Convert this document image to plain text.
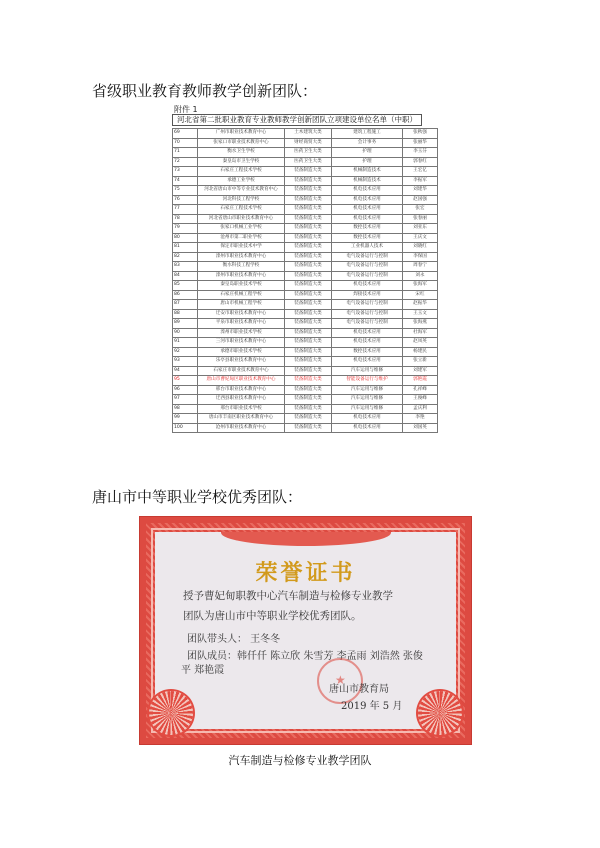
省级职业教育教师教学创新团队：

附件 1
河北省第二批职业教育专业教师教学创新团队立项建设单位名单（中职）
69	广州市职业技术教育中心	土木建筑大类	建筑工程施工	张秋强
70	张家口市职业技术教育中心	财经商贸大类	会计事务	张丽华
71	衡水卫生学校	医药卫生大类	护理	李玉芬
72	秦皇岛市卫生学校	医药卫生大类	护理	郭春红
73	石家庄工程技术学校	装备制造大类	机械制造技术	王宏亿
74	承德工业学校	装备制造大类	机械制造技术	李振军
75	河北省唐山市中等专业技术教育中心	装备制造大类	机电技术应用	刘建华
76	河北科技工程学校	装备制造大类	机电技术应用	赵国强
77	石家庄工程技术学校	装备制造大类	机电技术应用	张宏
78	河北省唐山市职业技术教育中心	装备制造大类	机电技术应用	张春丽
79	张家口机械工业学校	装备制造大类	数控技术应用	刘亚东
80	沧州市第二职业学校	装备制造大类	数控技术应用	王庆文
81	保定市职业技术中学	装备制造大类	工业机器人技术	刘晓红
82	滦州市职业技术教育中心	装备制造大类	电气设备运行与控制	李保国
83	衡水科技工程学校	装备制造大类	电气设备运行与控制	周春宁
84	滦州市职业技术教育中心	装备制造大类	电气设备运行与控制	刘永
85	秦皇岛职业技术学校	装备制造大类	机电技术应用	张海军
86	石家庄机械工程学校	装备制造大类	焊接技术应用	宋红
87	唐山市机械工程学校	装备制造大类	电气设备运行与控制	赵振华
88	迁安市职业技术教育中心	装备制造大类	电气设备运行与控制	王玉文
89	平泉市职业技术教育中心	装备制造大类	电气设备运行与控制	张海燕
90	滦州市职业技术学校	装备制造大类	机电技术应用	杜海军
91	三河市职业技术教育中心	装备制造大类	机电技术应用	赵凤英
92	承德市职业技术学校	装备制造大类	数控技术应用	杨建民
93	乐亭县职业技术教育中心	装备制造大类	机电技术应用	张立新
94	石家庄市职业技术教育中心	装备制造大类	汽车运用与维修	刘建军
95	唐山市曹妃甸区职业技术教育中心	装备制造大类	智能设备运行与维护	郭艳霞
96	邢台市职业技术教育中心	装备制造大类	汽车运用与维修	孔祥峰
97	迁西县职业技术教育中心	装备制造大类	汽车运用与维修	王俊峰
98	邢台市职业技术学校	装备制造大类	汽车运用与维修	孟庆利
99	唐山市丰南区职业技术教育中心	装备制造大类	机电技术应用	李艳
100	沧州市职业技术教育中心	装备制造大类	机电技术应用	刘国英

唐山市中等职业学校优秀团队：

荣誉证书

授予曹妃甸职教中心汽车制造与检修专业教学

团队为唐山市中等职业学校优秀团队。

团队带头人： 王冬冬

团队成员：韩仟仟 陈立欣 朱雪芳 李孟雨 刘浩然 张俊

平 郑艳霞

★

唐山市教育局

2019 年 5 月

汽车制造与检修专业教学团队
